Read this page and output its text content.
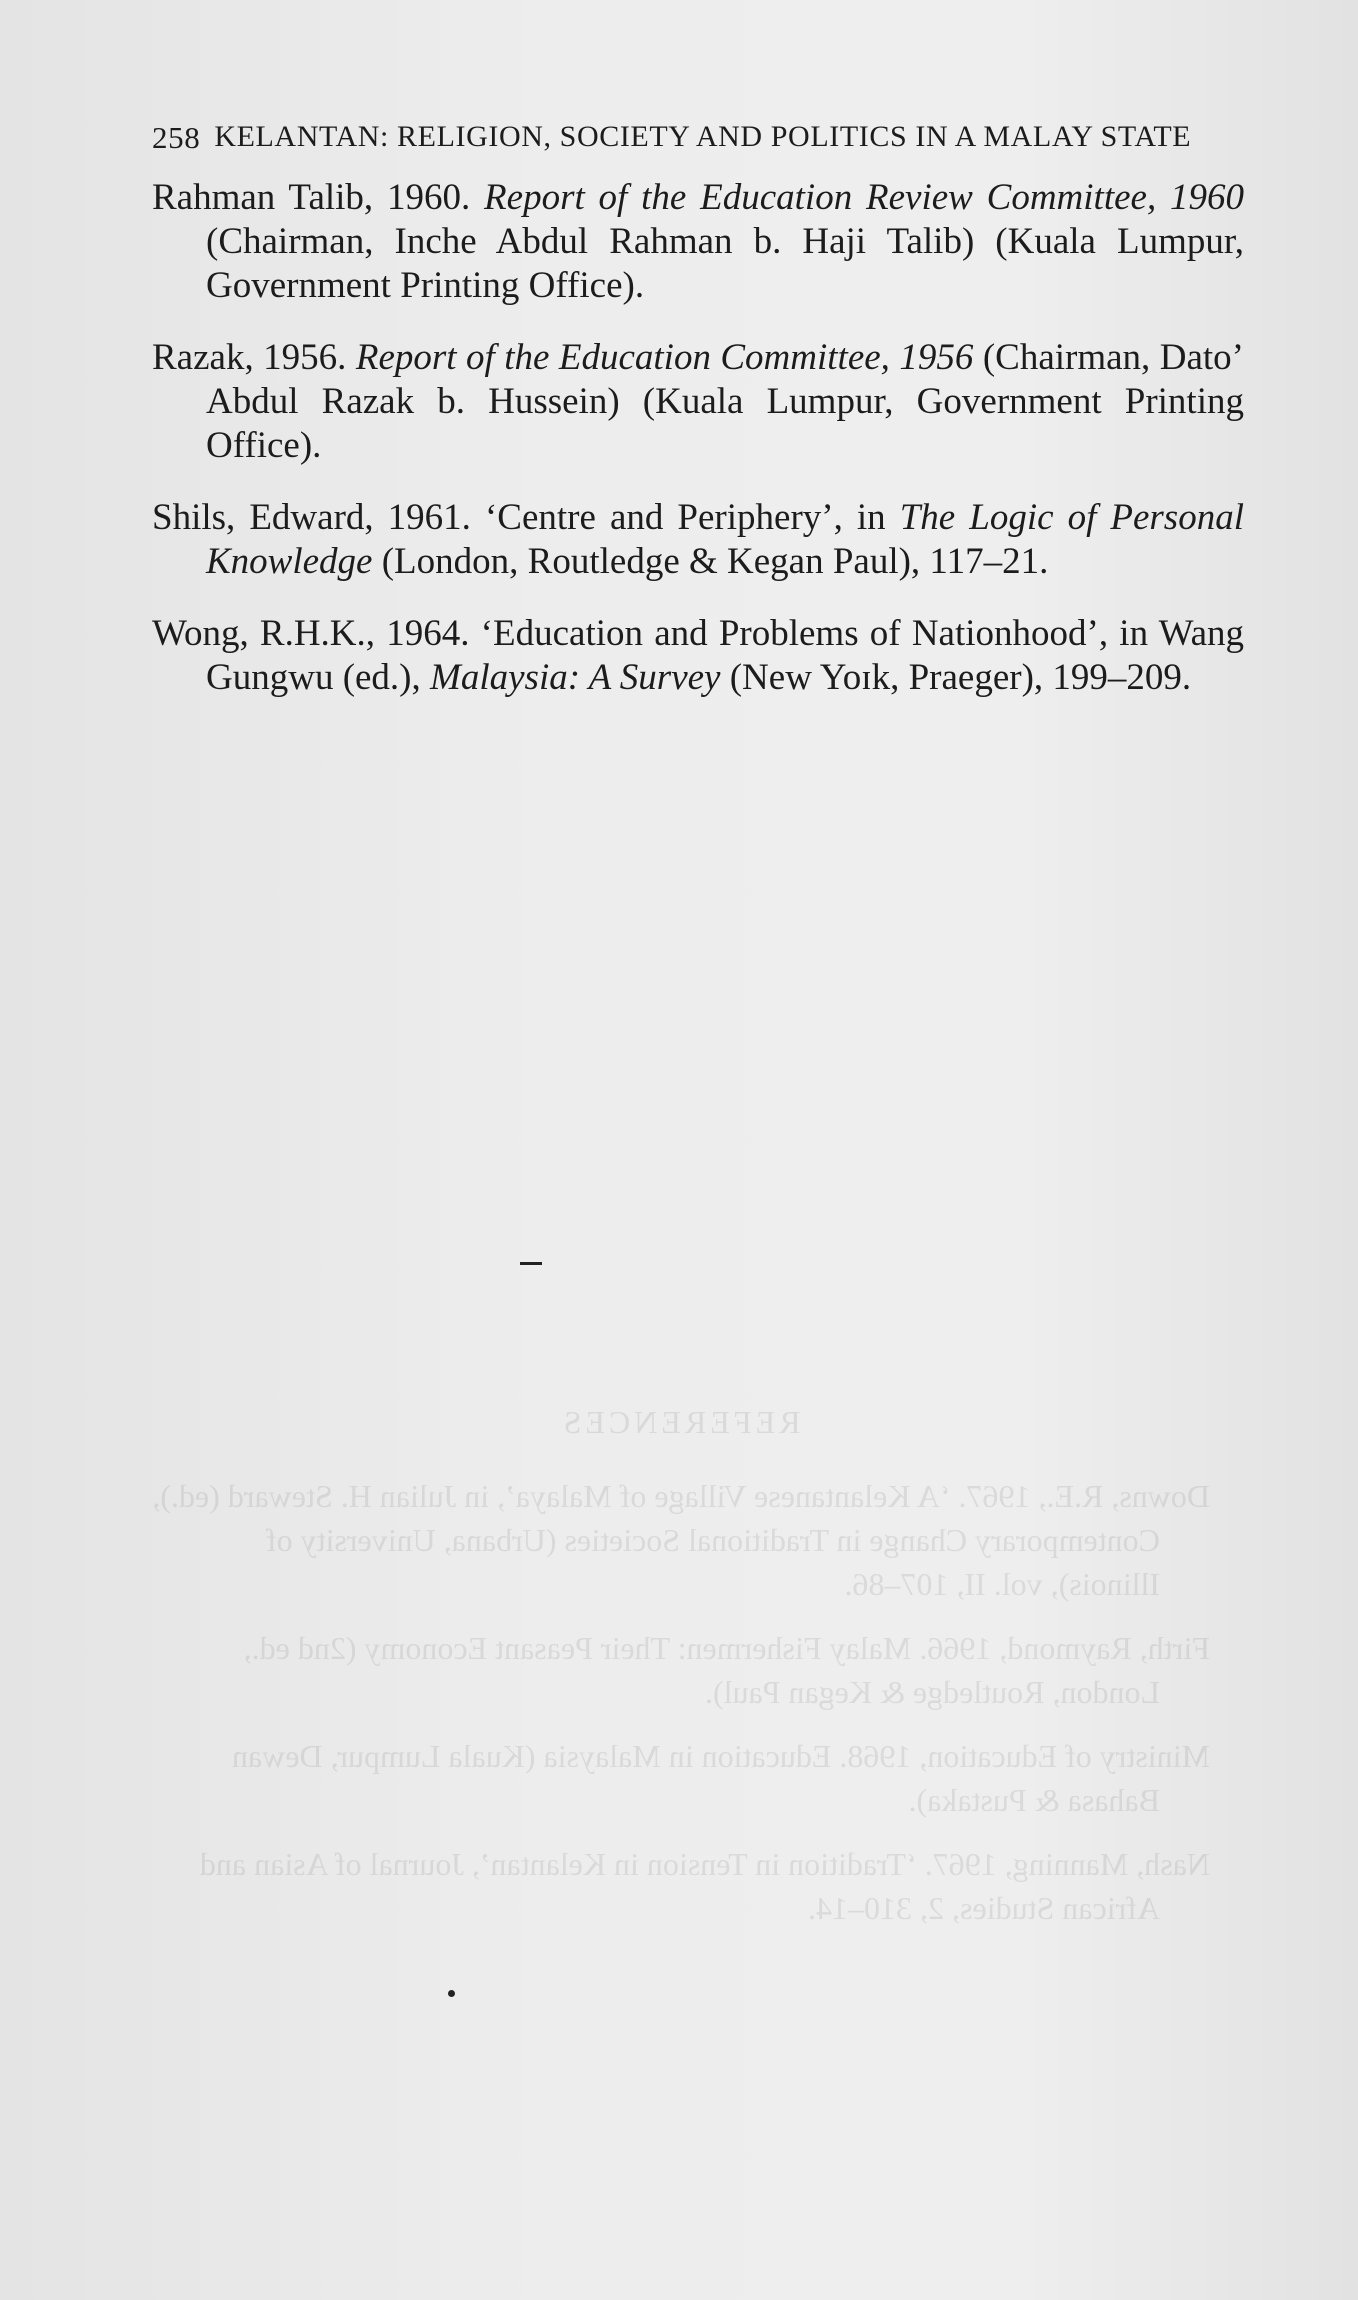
REFERENCES

Downs, R.E., 1967. ‘A Kelantanese Village of Malaya’, in Julian H. Steward (ed.), Contemporary Change in Traditional Societies (Urbana, University of Illinois), vol. II, 107–86.

Firth, Raymond, 1966. Malay Fishermen: Their Peasant Economy (2nd ed., London, Routledge & Kegan Paul).

Ministry of Education, 1968. Education in Malaysia (Kuala Lumpur, Dewan Bahasa & Pustaka).

Nash, Manning, 1967. ‘Tradition in Tension in Kelantan’, Journal of Asian and African Studies, 2, 310–14.

258 KELANTAN: RELIGION, SOCIETY AND POLITICS IN A MALAY STATE

Rahman Talib, 1960. Report of the Education Review Committee, 1960 (Chairman, Inche Abdul Rahman b. Haji Talib) (Kuala Lumpur, Government Printing Office).

Razak, 1956. Report of the Education Committee, 1956 (Chairman, Dato’ Abdul Razak b. Hussein) (Kuala Lumpur, Government Printing Office).

Shils, Edward, 1961. ‘Centre and Periphery’, in The Logic of Personal Knowledge (London, Routledge & Kegan Paul), 117–21.

Wong, R.H.K., 1964. ‘Education and Problems of Nationhood’, in Wang Gungwu (ed.), Malaysia: A Survey (New Yoɪk, Praeger), 199–209.
